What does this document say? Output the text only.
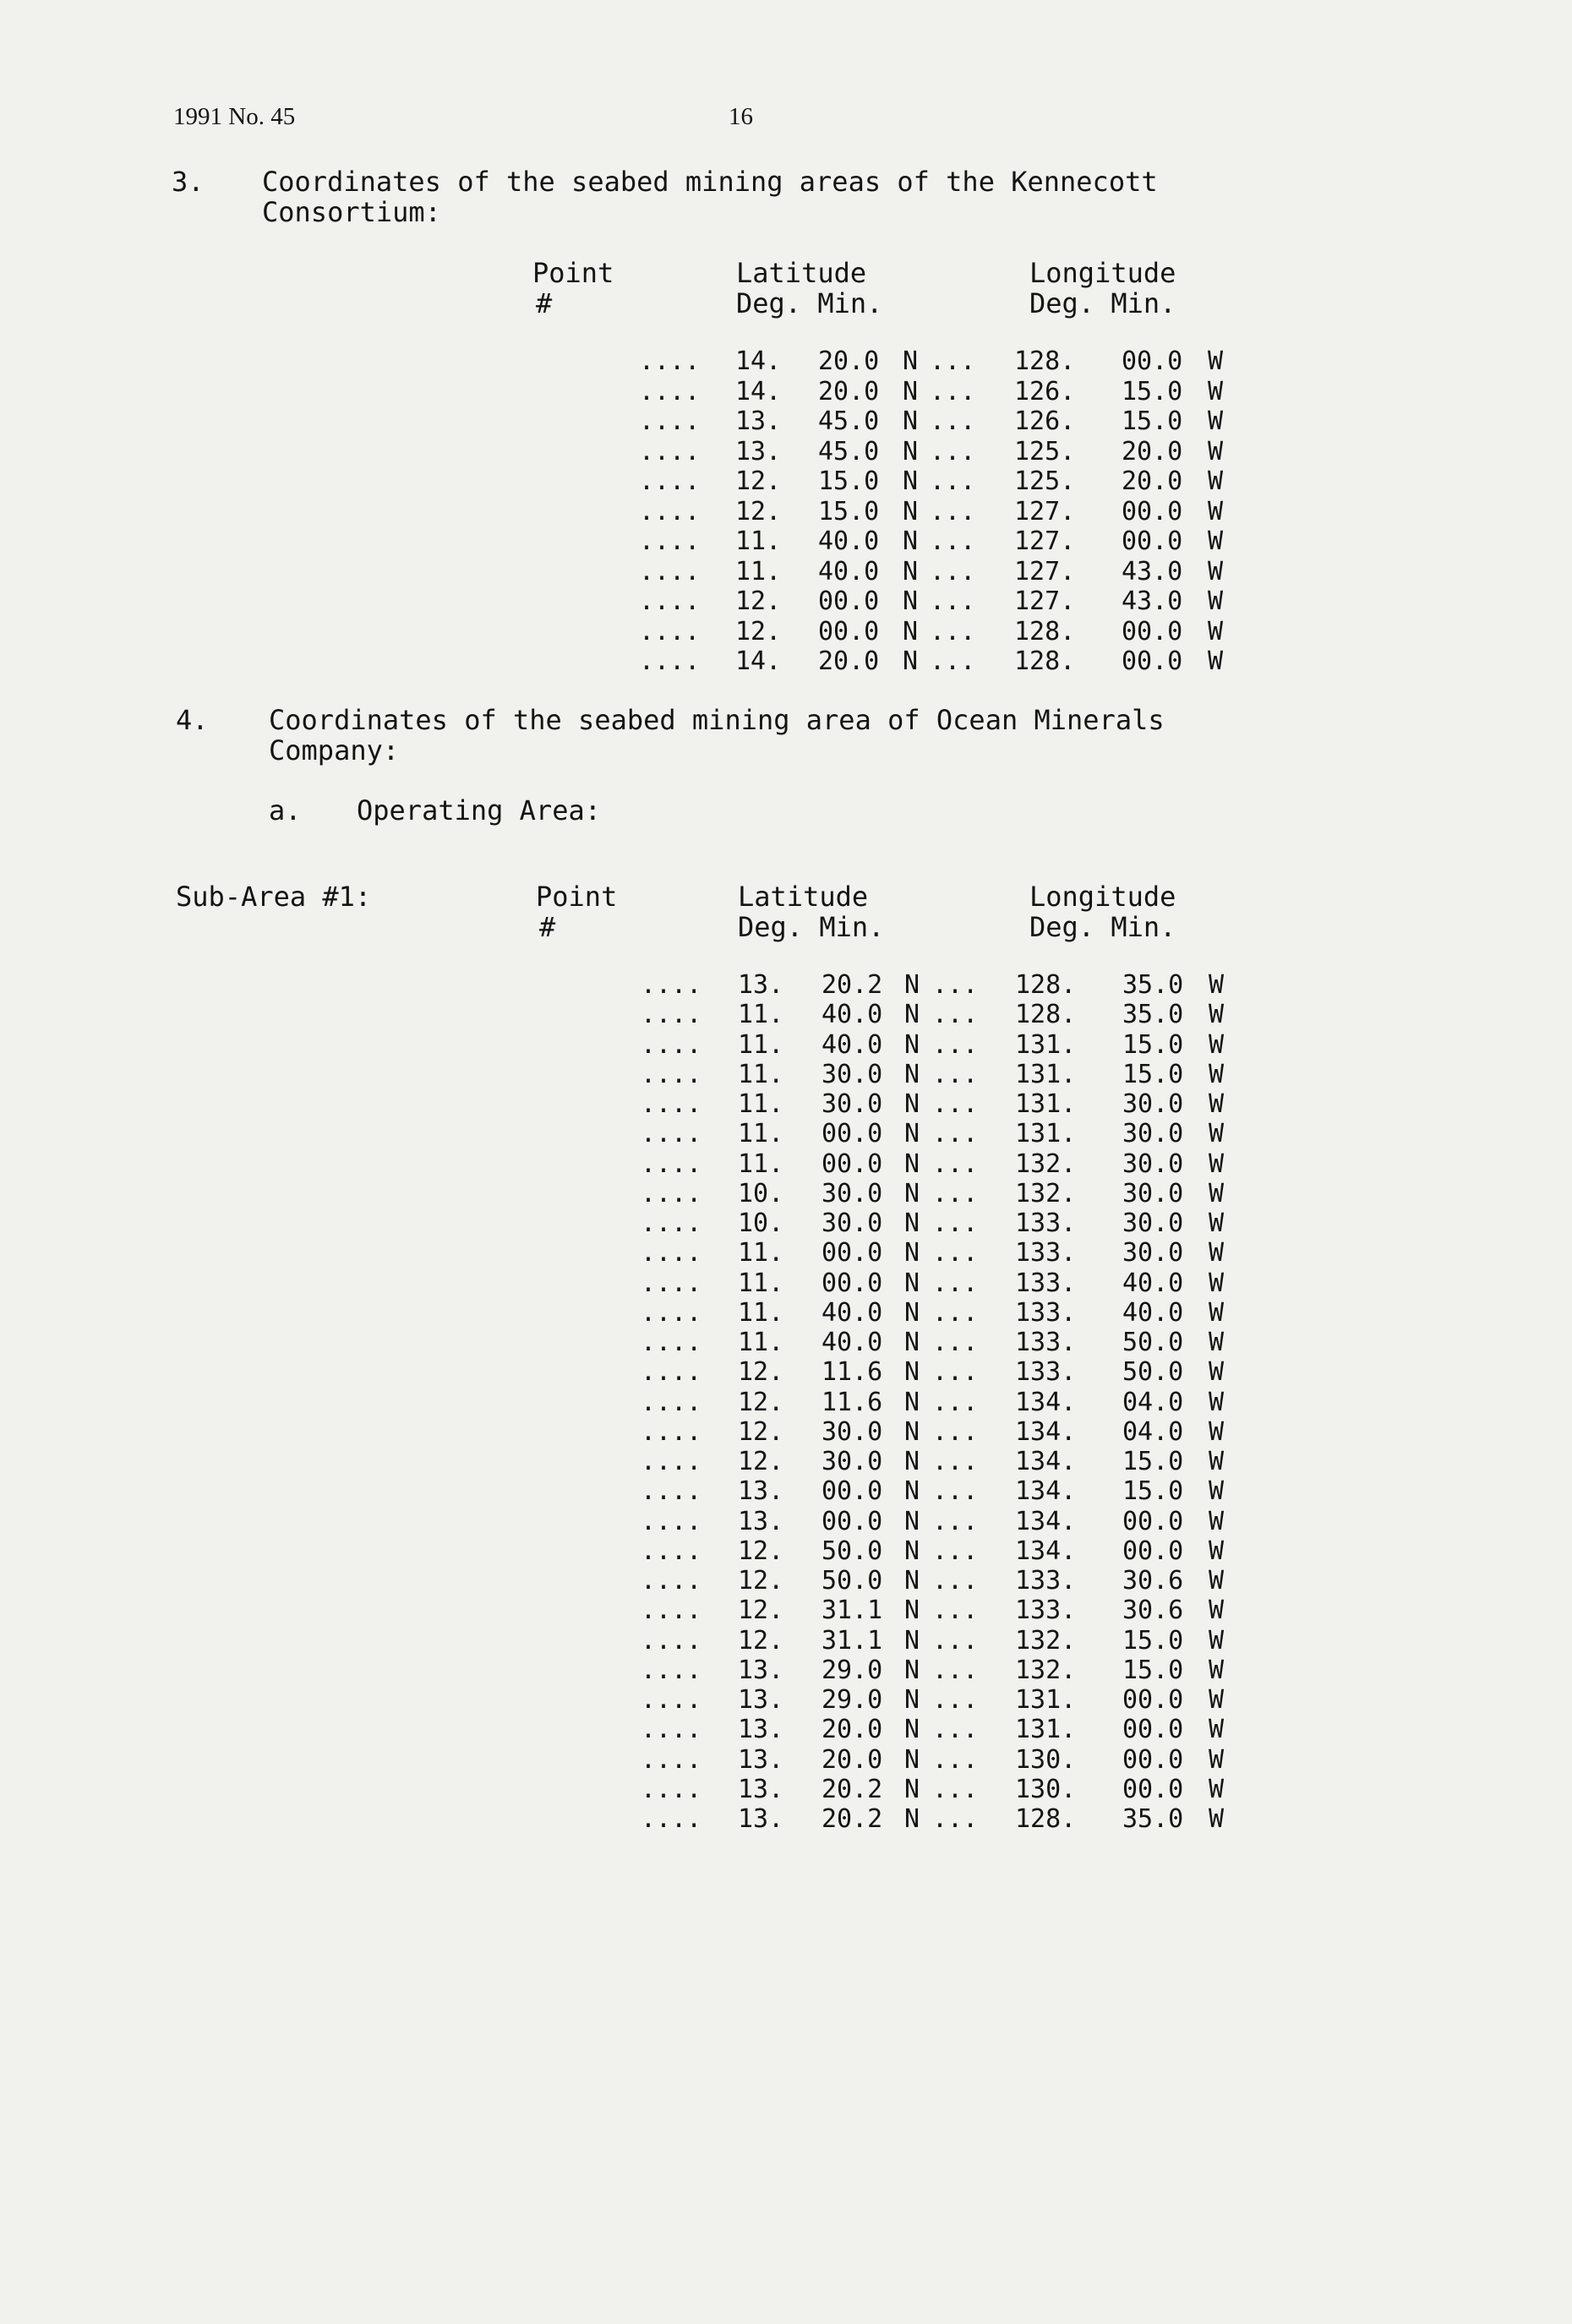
1991 No. 45	16
3. Coordinates of the seabed mining areas of the Kennecott
Consortium:
Point
#
Latitude
Deg. Min.
Longitude
Deg. Min.
.... 14. 20.0 N ... 128. 00.0 W
.... 14. 20.0 N ... 126. 15.0 W
.... 13. 45.0 N ... 126. 15.0 W
.... 13. 45.0 N ... 125. 20.0 W
.... 12. 15.0 N ... 125. 20.0 W
.... 12. 15.0 N ... 127. 00.0 W
.... 11. 40.0 N ... 127. 00.0 W
.... 11. 40.0 N ... 127. 43.0 W
.... 12. 00.0 N ... 127. 43.0 W
.... 12. 00.0 N ... 128. 00.0 W
.... 14. 20.0 N ... 128. 00.0 W
4. Coordinates of the seabed mining area of Ocean Minerals
Company:
a. Operating Area:
Sub-Area #1:	Point
#
Latitude
Deg. Min.
Longitude
Deg. Min.
.... 13. 20.2 N ... 128. 35.0 W
.... 11. 40.0 N ... 128. 35.0 W
.... 11. 40.0 N ... 131. 15.0 W
.... 11. 30.0 N ... 131. 15.0 W
.... 11. 30.0 N ... 131. 30.0 W
.... 11. 00.0 N ... 131. 30.0 W
.... 11. 00.0 N ... 132. 30.0 W
.... 10. 30.0 N ... 132. 30.0 W
.... 10. 30.0 N ... 133. 30.0 W
.... 11. 00.0 N ... 133. 30.0 W
.... 11. 00.0 N ... 133. 40.0 W
.... 11. 40.0 N ... 133. 40.0 W
.... 11. 40.0 N ... 133. 50.0 W
.... 12. 11.6 N ... 133. 50.0 W
.... 12. 11.6 N ... 134. 04.0 W
.... 12. 30.0 N ... 134. 04.0 W
.... 12. 30.0 N ... 134. 15.0 W
.... 13. 00.0 N ... 134. 15.0 W
.... 13. 00.0 N ... 134. 00.0 W
.... 12. 50.0 N ... 134. 00.0 W
.... 12. 50.0 N ... 133. 30.6 W
.... 12. 31.1 N ... 133. 30.6 W
.... 12. 31.1 N ... 132. 15.0 W
.... 13. 29.0 N ... 132. 15.0 W
.... 13. 29.0 N ... 131. 00.0 W
.... 13. 20.0 N ... 131. 00.0 W
.... 13. 20.0 N ... 130. 00.0 W
.... 13. 20.2 N ... 130. 00.0 W
.... 13. 20.2 N ... 128. 35.0 W
